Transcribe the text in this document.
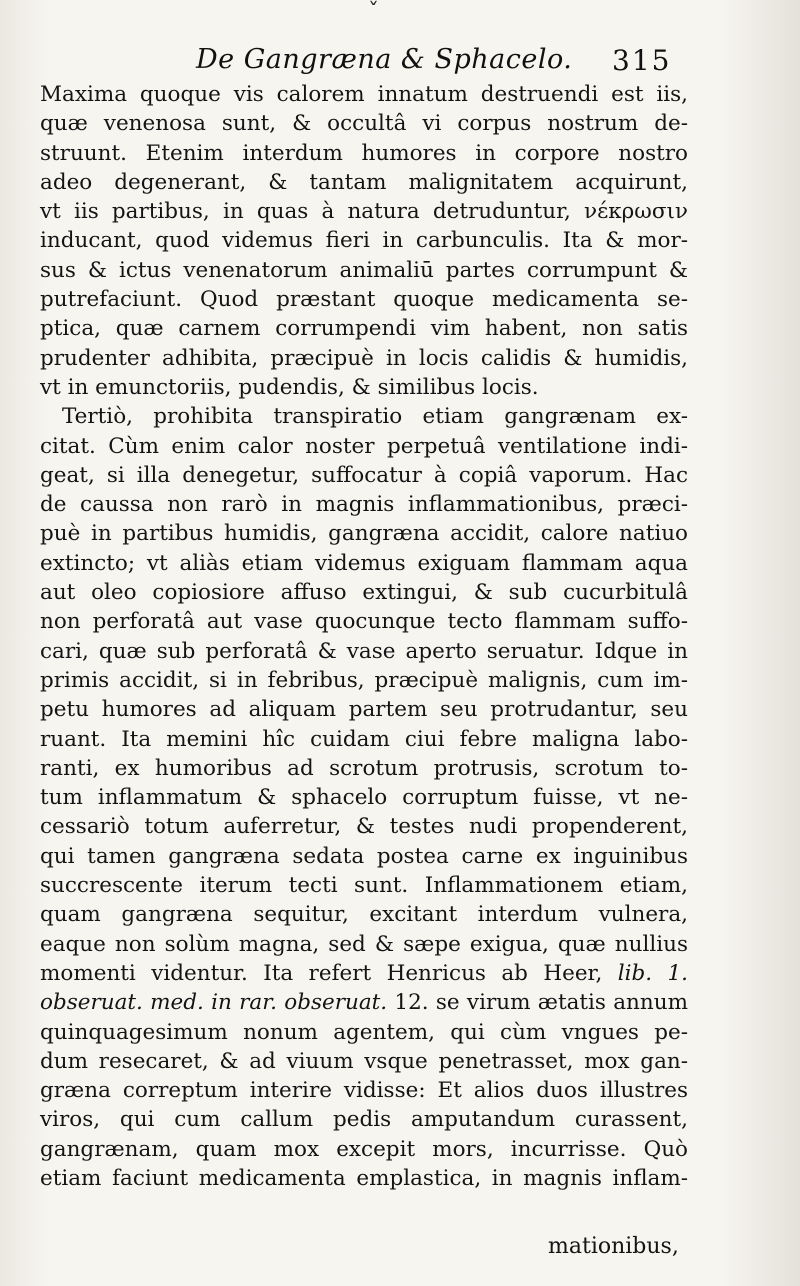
ˇ
De Gangræna & Sphacelo. 315
Maxima quoque vis calorem innatum destruendi est iis,
quæ venenosa sunt, & occultâ vi corpus nostrum de-
struunt. Etenim interdum humores in corpore nostro
adeo degenerant, & tantam malignitatem acquirunt,
vt iis partibus, in quas à natura detruduntur, νέκρωσιν
inducant, quod videmus fieri in carbunculis. Ita & mor-
sus & ictus venenatorum animaliū partes corrumpunt &
putrefaciunt. Quod præstant quoque medicamenta se-
ptica, quæ carnem corrumpendi vim habent, non satis
prudenter adhibita, præcipuè in locis calidis & humidis,
vt in emunctoriis, pudendis, & similibus locis.
Tertiò, prohibita transpiratio etiam gangrænam ex-
citat. Cùm enim calor noster perpetuâ ventilatione indi-
geat, si illa denegetur, suffocatur à copiâ vaporum. Hac
de caussa non rarò in magnis inflammationibus, præci-
puè in partibus humidis, gangræna accidit, calore natiuo
extincto; vt aliàs etiam videmus exiguam flammam aqua
aut oleo copiosiore affuso extingui, & sub cucurbitulâ
non perforatâ aut vase quocunque tecto flammam suffo-
cari, quæ sub perforatâ & vase aperto seruatur. Idque in
primis accidit, si in febribus, præcipuè malignis, cum im-
petu humores ad aliquam partem seu protrudantur, seu
ruant. Ita memini hîc cuidam ciui febre maligna labo-
ranti, ex humoribus ad scrotum protrusis, scrotum to-
tum inflammatum & sphacelo corruptum fuisse, vt ne-
cessariò totum auferretur, & testes nudi propenderent,
qui tamen gangræna sedata postea carne ex inguinibus
succrescente iterum tecti sunt. Inflammationem etiam,
quam gangræna sequitur, excitant interdum vulnera,
eaque non solùm magna, sed & sæpe exigua, quæ nullius
momenti videntur. Ita refert Henricus ab Heer, lib. 1.
obseruat. med. in rar. obseruat. 12. se virum ætatis annum
quinquagesimum nonum agentem, qui cùm vngues pe-
dum resecaret, & ad viuum vsque penetrasset, mox gan-
græna correptum interire vidisse: Et alios duos illustres
viros, qui cum callum pedis amputandum curassent,
gangrænam, quam mox excepit mors, incurrisse. Quò
etiam faciunt medicamenta emplastica, in magnis inflam-
mationibus,
